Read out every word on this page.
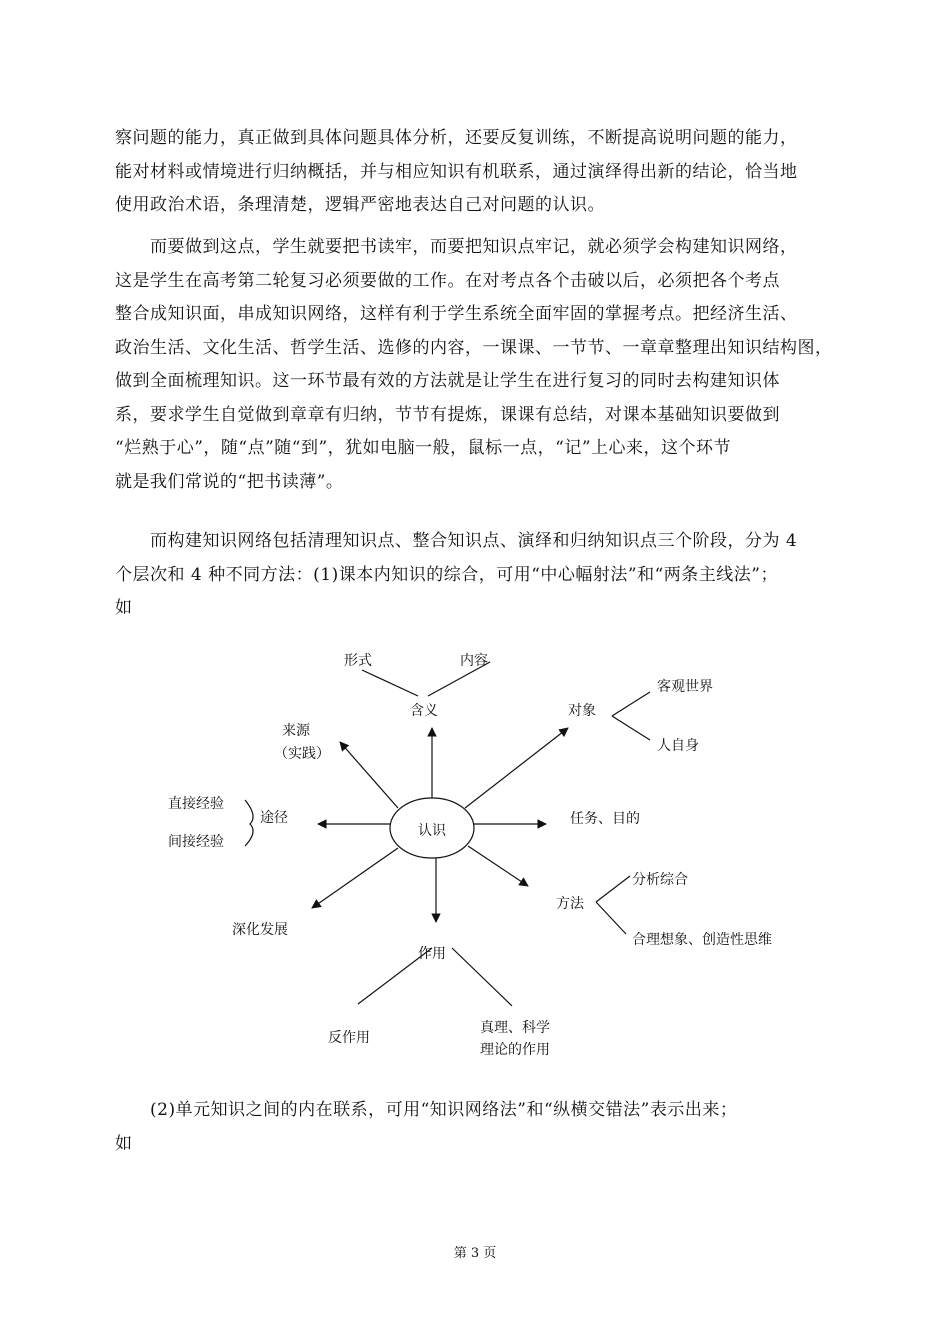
察问题的能力，真正做到具体问题具体分析，还要反复训练，不断提高说明问题的能力，
能对材料或情境进行归纳概括，并与相应知识有机联系，通过演绎得出新的结论，恰当地
使用政治术语，条理清楚，逻辑严密地表达自己对问题的认识。
　　而要做到这点，学生就要把书读牢，而要把知识点牢记，就必须学会构建知识网络，
这是学生在高考第二轮复习必须要做的工作。在对考点各个击破以后，必须把各个考点
整合成知识面，串成知识网络，这样有利于学生系统全面牢固的掌握考点。把经济生活、
政治生活、文化生活、哲学生活、选修的内容，一课课、一节节、一章章整理出知识结构图，
做到全面梳理知识。这一环节最有效的方法就是让学生在进行复习的同时去构建知识体
系，要求学生自觉做到章章有归纳，节节有提炼，课课有总结，对课本基础知识要做到
“烂熟于心”，随“点”随“到”，犹如电脑一般，鼠标一点，“记”上心来，这个环节
就是我们常说的“把书读薄”。
　　而构建知识网络包括清理知识点、整合知识点、演绎和归纳知识点三个阶段，分为 4
个层次和 4 种不同方法：(1)课本内知识的综合，可用“中心幅射法”和“两条主线法”；
如
认识
含义
形式	内容
对象
客观世界
人自身
来源
（实践）
途径
直接经验
间接经验
任务、目的
方法
分析综合
合理想象、创造性思维
深化发展
作用
反作用
真理、科学
理论的作用
　　(2)单元知识之间的内在联系，可用“知识网络法”和“纵横交错法”表示出来；
如
第 3 页
